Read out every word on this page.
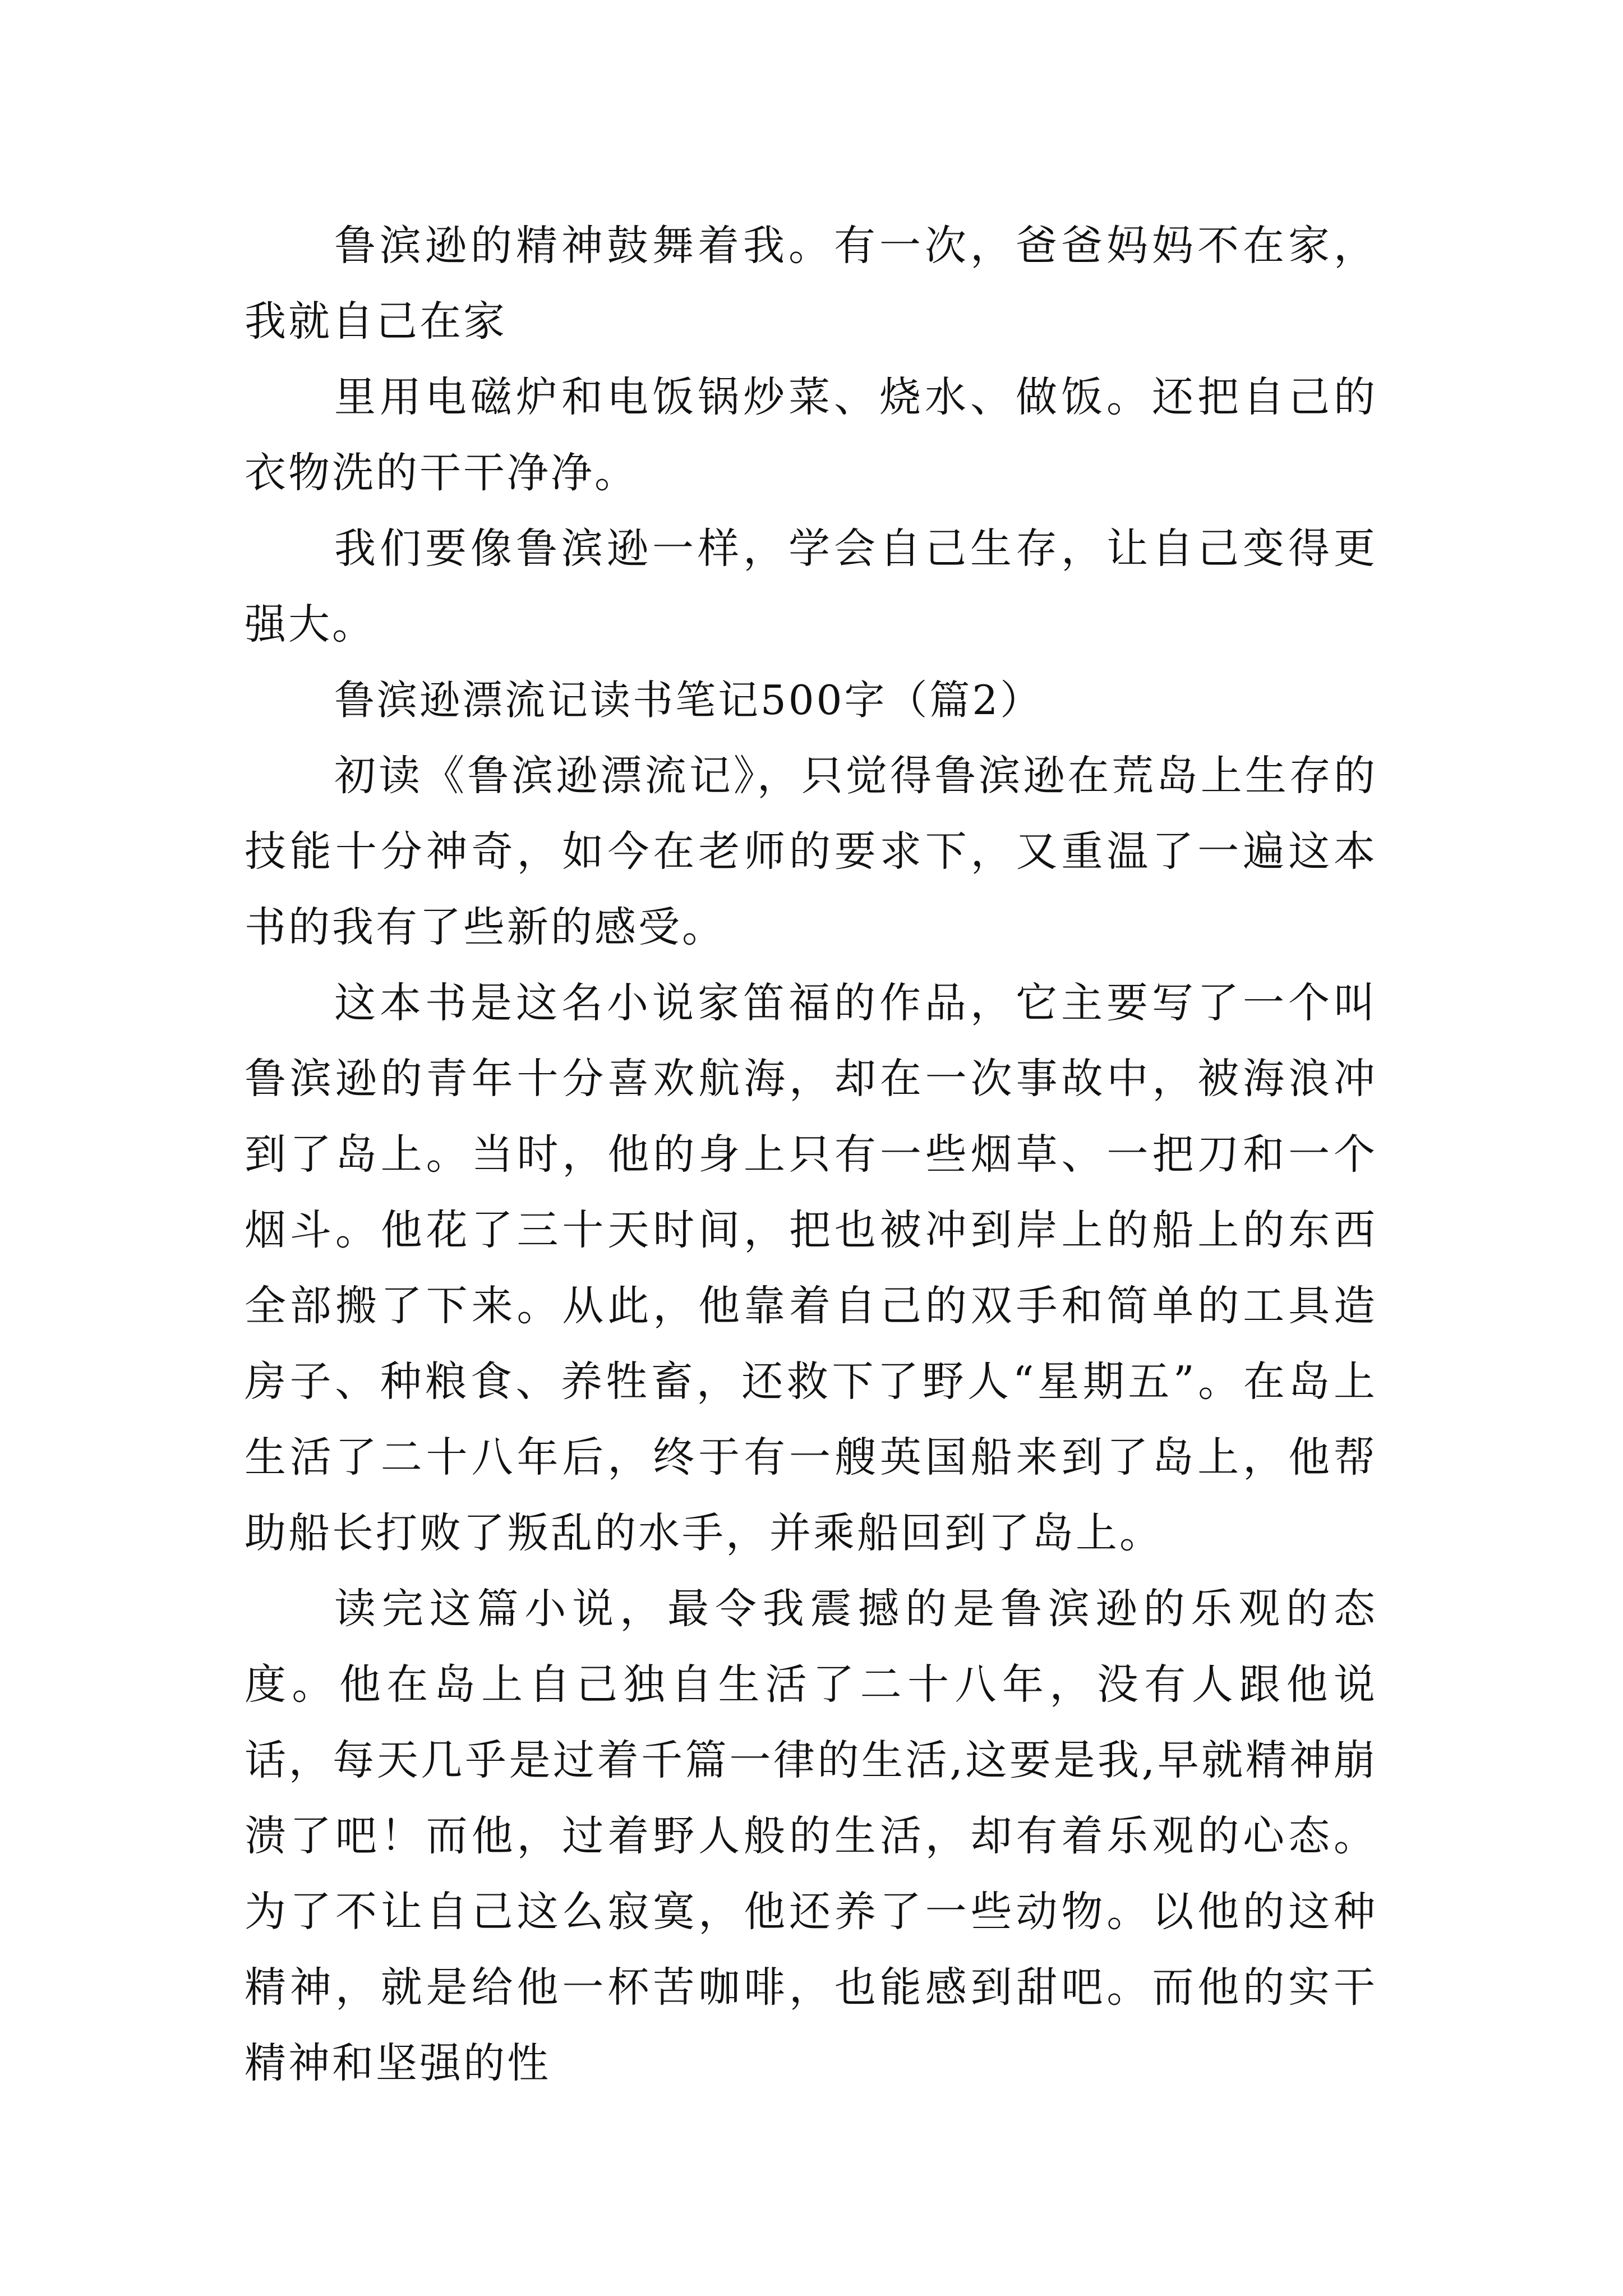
鲁滨逊的精神鼓舞着我。有一次，爸爸妈妈不在家，我就自己在家

里用电磁炉和电饭锅炒菜、烧水、做饭。还把自己的衣物洗的干干净净。

我们要像鲁滨逊一样，学会自己生存，让自己变得更强大。

鲁滨逊漂流记读书笔记500字（篇2）

初读《鲁滨逊漂流记》，只觉得鲁滨逊在荒岛上生存的技能十分神奇，如今在老师的要求下，又重温了一遍这本书的我有了些新的感受。

这本书是这名小说家笛福的作品，它主要写了一个叫鲁滨逊的青年十分喜欢航海，却在一次事故中，被海浪冲到了岛上。当时，他的身上只有一些烟草、一把刀和一个烟斗。他花了三十天时间，把也被冲到岸上的船上的东西全部搬了下来。从此，他靠着自己的双手和简单的工具造房子、种粮食、养牲畜，还救下了野人“星期五”。在岛上生活了二十八年后，终于有一艘英国船来到了岛上，他帮助船长打败了叛乱的水手，并乘船回到了岛上。

读完这篇小说，最令我震撼的是鲁滨逊的乐观的态度。他在岛上自己独自生活了二十八年，没有人跟他说话，每天几乎是过着千篇一律的生活,这要是我,早就精神崩溃了吧！而他，过着野人般的生活，却有着乐观的心态。为了不让自己这么寂寞，他还养了一些动物。以他的这种精神，就是给他一杯苦咖啡，也能感到甜吧。而他的实干精神和坚强的性
